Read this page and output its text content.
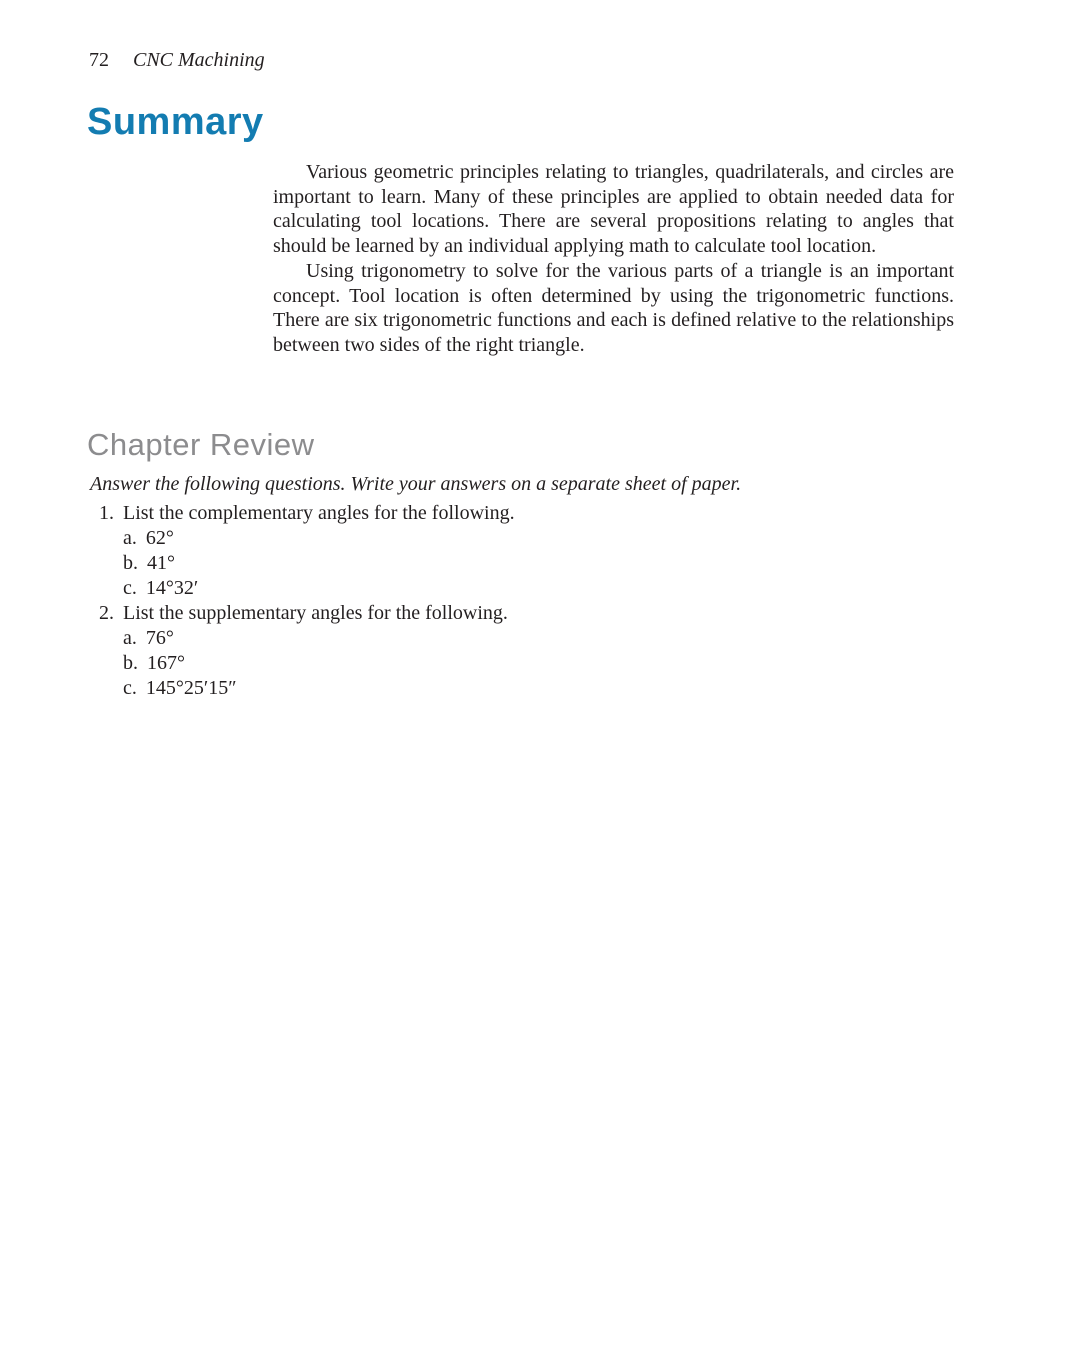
72 CNC Machining
Summary

Various geometric principles relating to triangles, quadrilaterals, and circles are important to learn. Many of these principles are applied to obtain needed data for calculating tool locations. There are several propositions relating to angles that should be learned by an individual applying math to calculate tool location.

Using trigonometry to solve for the various parts of a triangle is an important concept. Tool location is often determined by using the trigonometric functions. There are six trigonometric functions and each is defined relative to the relationships between two sides of the right triangle.

Chapter Review

Answer the following questions. Write your answers on a separate sheet of paper.

1. List the complementary angles for the following.
a. 62°
b. 41°
c. 14°32′
2. List the supplementary angles for the following.
a. 76°
b. 167°
c. 145°25′15″
